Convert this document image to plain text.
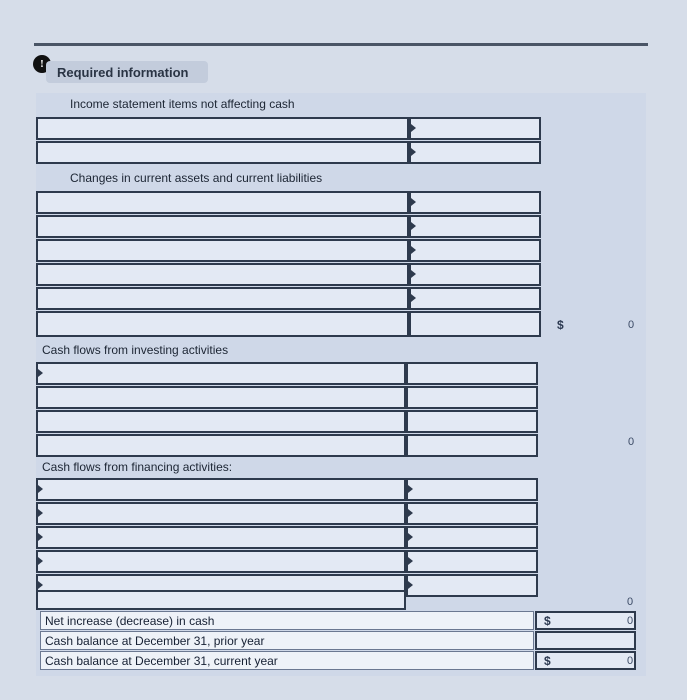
!
Required information
Income statement items not affecting cash
Changes in current assets and current liabilities
$	0
Cash flows from investing activities
0
Cash flows from financing activities:
0
Net increase (decrease) in cash	$	0
Cash balance at December 31, prior year
Cash balance at December 31, current year	$	0
